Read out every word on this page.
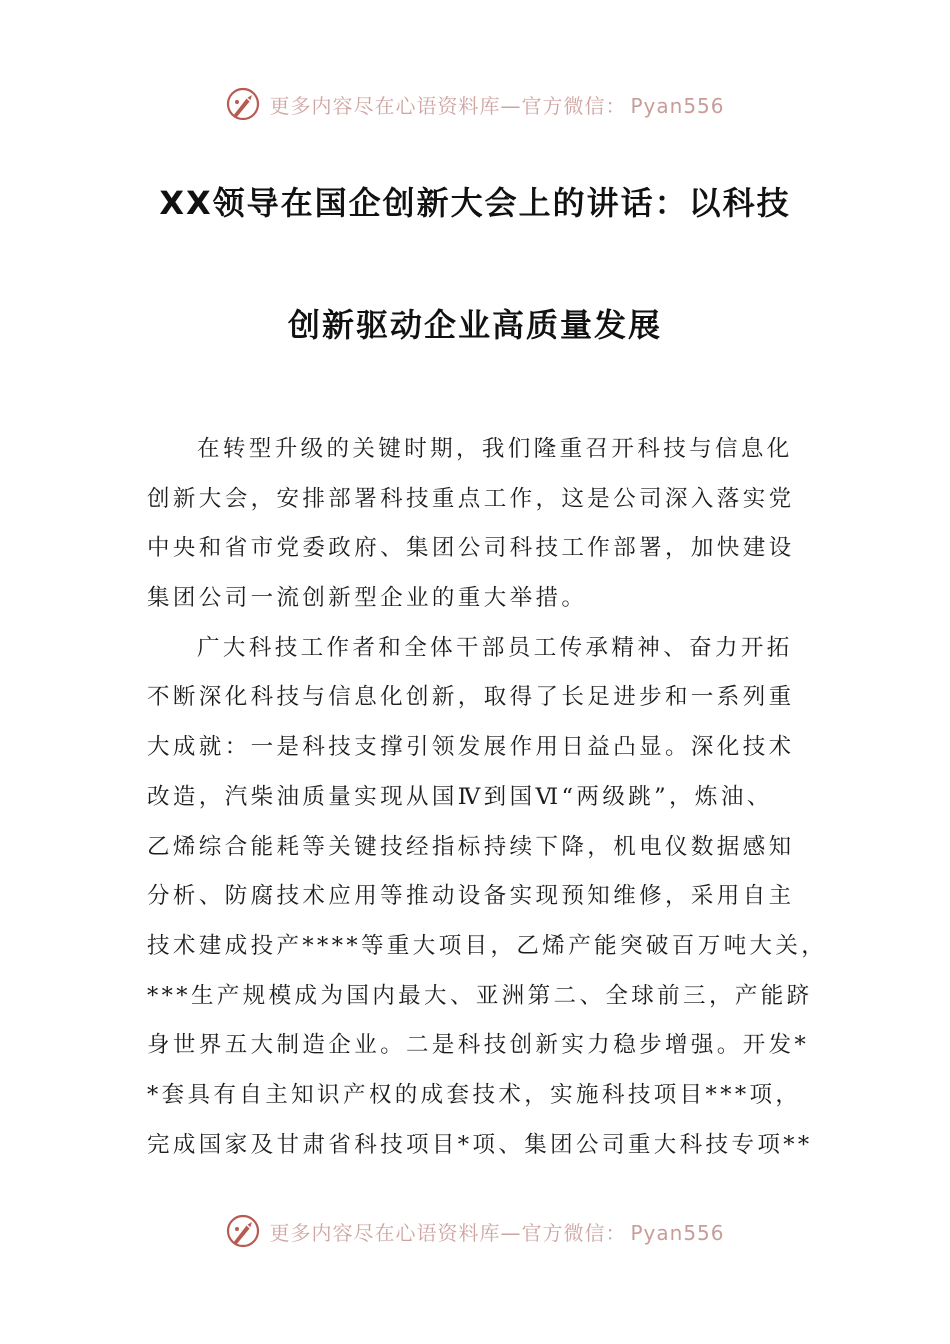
更多内容尽在心语资料库—官方微信： Pyan556
XX领导在国企创新大会上的讲话：以科技
创新驱动企业高质量发展
在转型升级的关键时期，我们隆重召开科技与信息化
创新大会，安排部署科技重点工作，这是公司深入落实党
中央和省市党委政府、集团公司科技工作部署，加快建设
集团公司一流创新型企业的重大举措。
广大科技工作者和全体干部员工传承精神、奋力开拓
不断深化科技与信息化创新，取得了长足进步和一系列重
大成就：一是科技支撑引领发展作用日益凸显。深化技术
改造，汽柴油质量实现从国Ⅳ到国Ⅵ“两级跳”，炼油、
乙烯综合能耗等关键技经指标持续下降，机电仪数据感知
分析、防腐技术应用等推动设备实现预知维修，采用自主
技术建成投产****等重大项目，乙烯产能突破百万吨大关，
***生产规模成为国内最大、亚洲第二、全球前三，产能跻
身世界五大制造企业。二是科技创新实力稳步增强。开发*
*套具有自主知识产权的成套技术，实施科技项目***项，
完成国家及甘肃省科技项目*项、集团公司重大科技专项**
更多内容尽在心语资料库—官方微信： Pyan556
